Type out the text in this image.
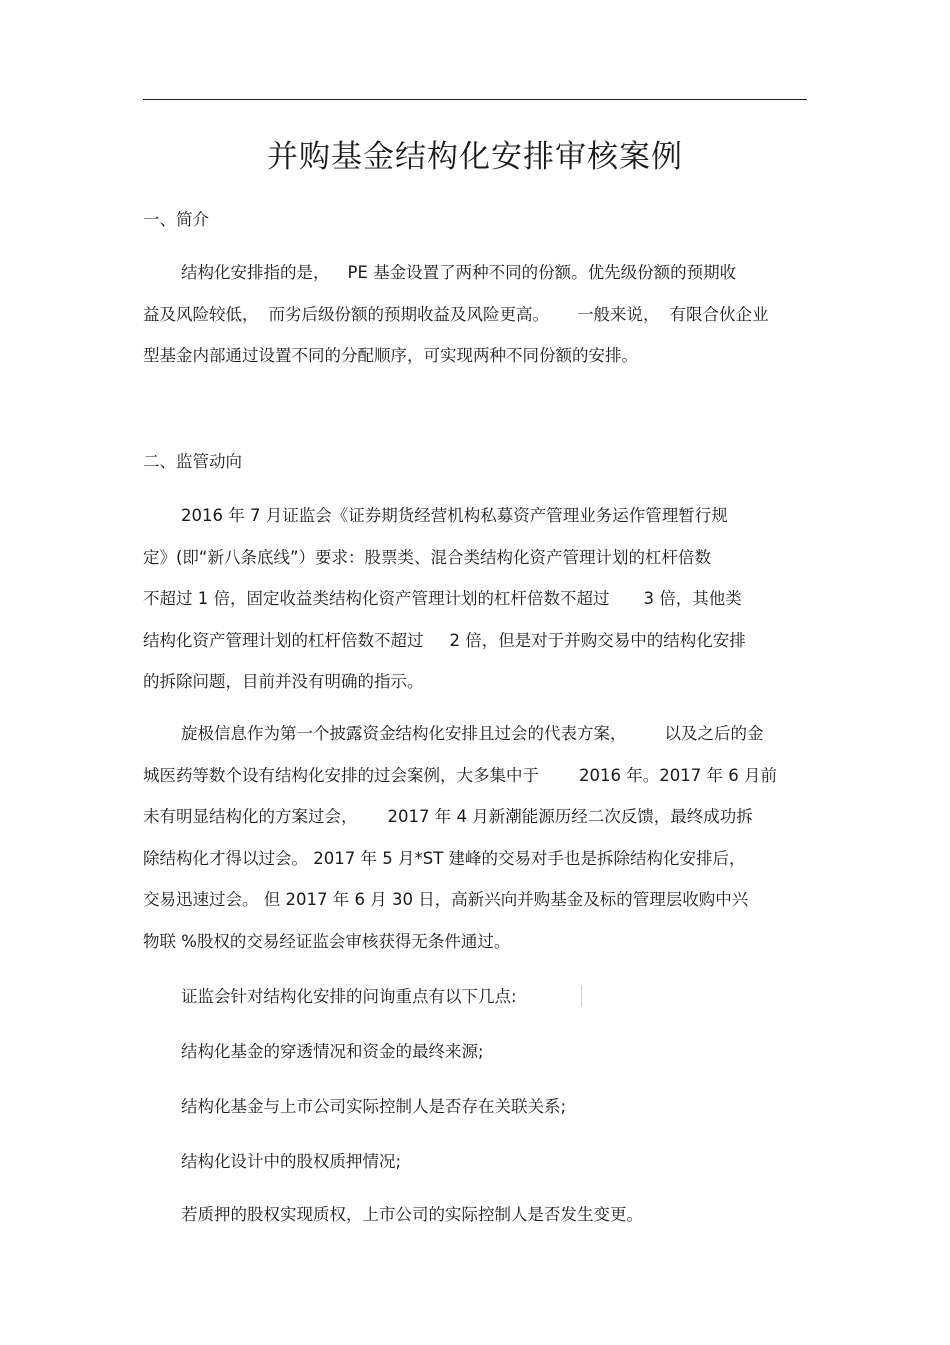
并购基金结构化安排审核案例
一、简介
结构化安排指的是， PE 基金设置了两种不同的份额。优先级份额的预期收
益及风险较低， 而劣后级份额的预期收益及风险更高。 一般来说， 有限合伙企业
型基金内部通过设置不同的分配顺序，可实现两种不同份额的安排。
二、监管动向
2016 年 7 月证监会《证券期货经营机构私募资产管理业务运作管理暂行规
定》(即“新八条底线”）要求：股票类、混合类结构化资产管理计划的杠杆倍数
不超过 1 倍，固定收益类结构化资产管理计划的杠杆倍数不超过 3 倍，其他类
结构化资产管理计划的杠杆倍数不超过 2 倍，但是对于并购交易中的结构化安排
的拆除问题，目前并没有明确的指示。
旋极信息作为第一个披露资金结构化安排且过会的代表方案， 以及之后的金
城医药等数个设有结构化安排的过会案例，大多集中于 2016 年。2017 年 6 月前
未有明显结构化的方案过会， 2017 年 4 月新潮能源历经二次反馈，最终成功拆
除结构化才得以过会。 2017 年 5 月*ST 建峰的交易对手也是拆除结构化安排后，
交易迅速过会。 但 2017 年 6 月 30 日，高新兴向并购基金及标的管理层收购中兴
物联 %股权的交易经证监会审核获得无条件通过。
证监会针对结构化安排的问询重点有以下几点:
结构化基金的穿透情况和资金的最终来源;
结构化基金与上市公司实际控制人是否存在关联关系;
结构化设计中的股权质押情况;
若质押的股权实现质权，上市公司的实际控制人是否发生变更。
